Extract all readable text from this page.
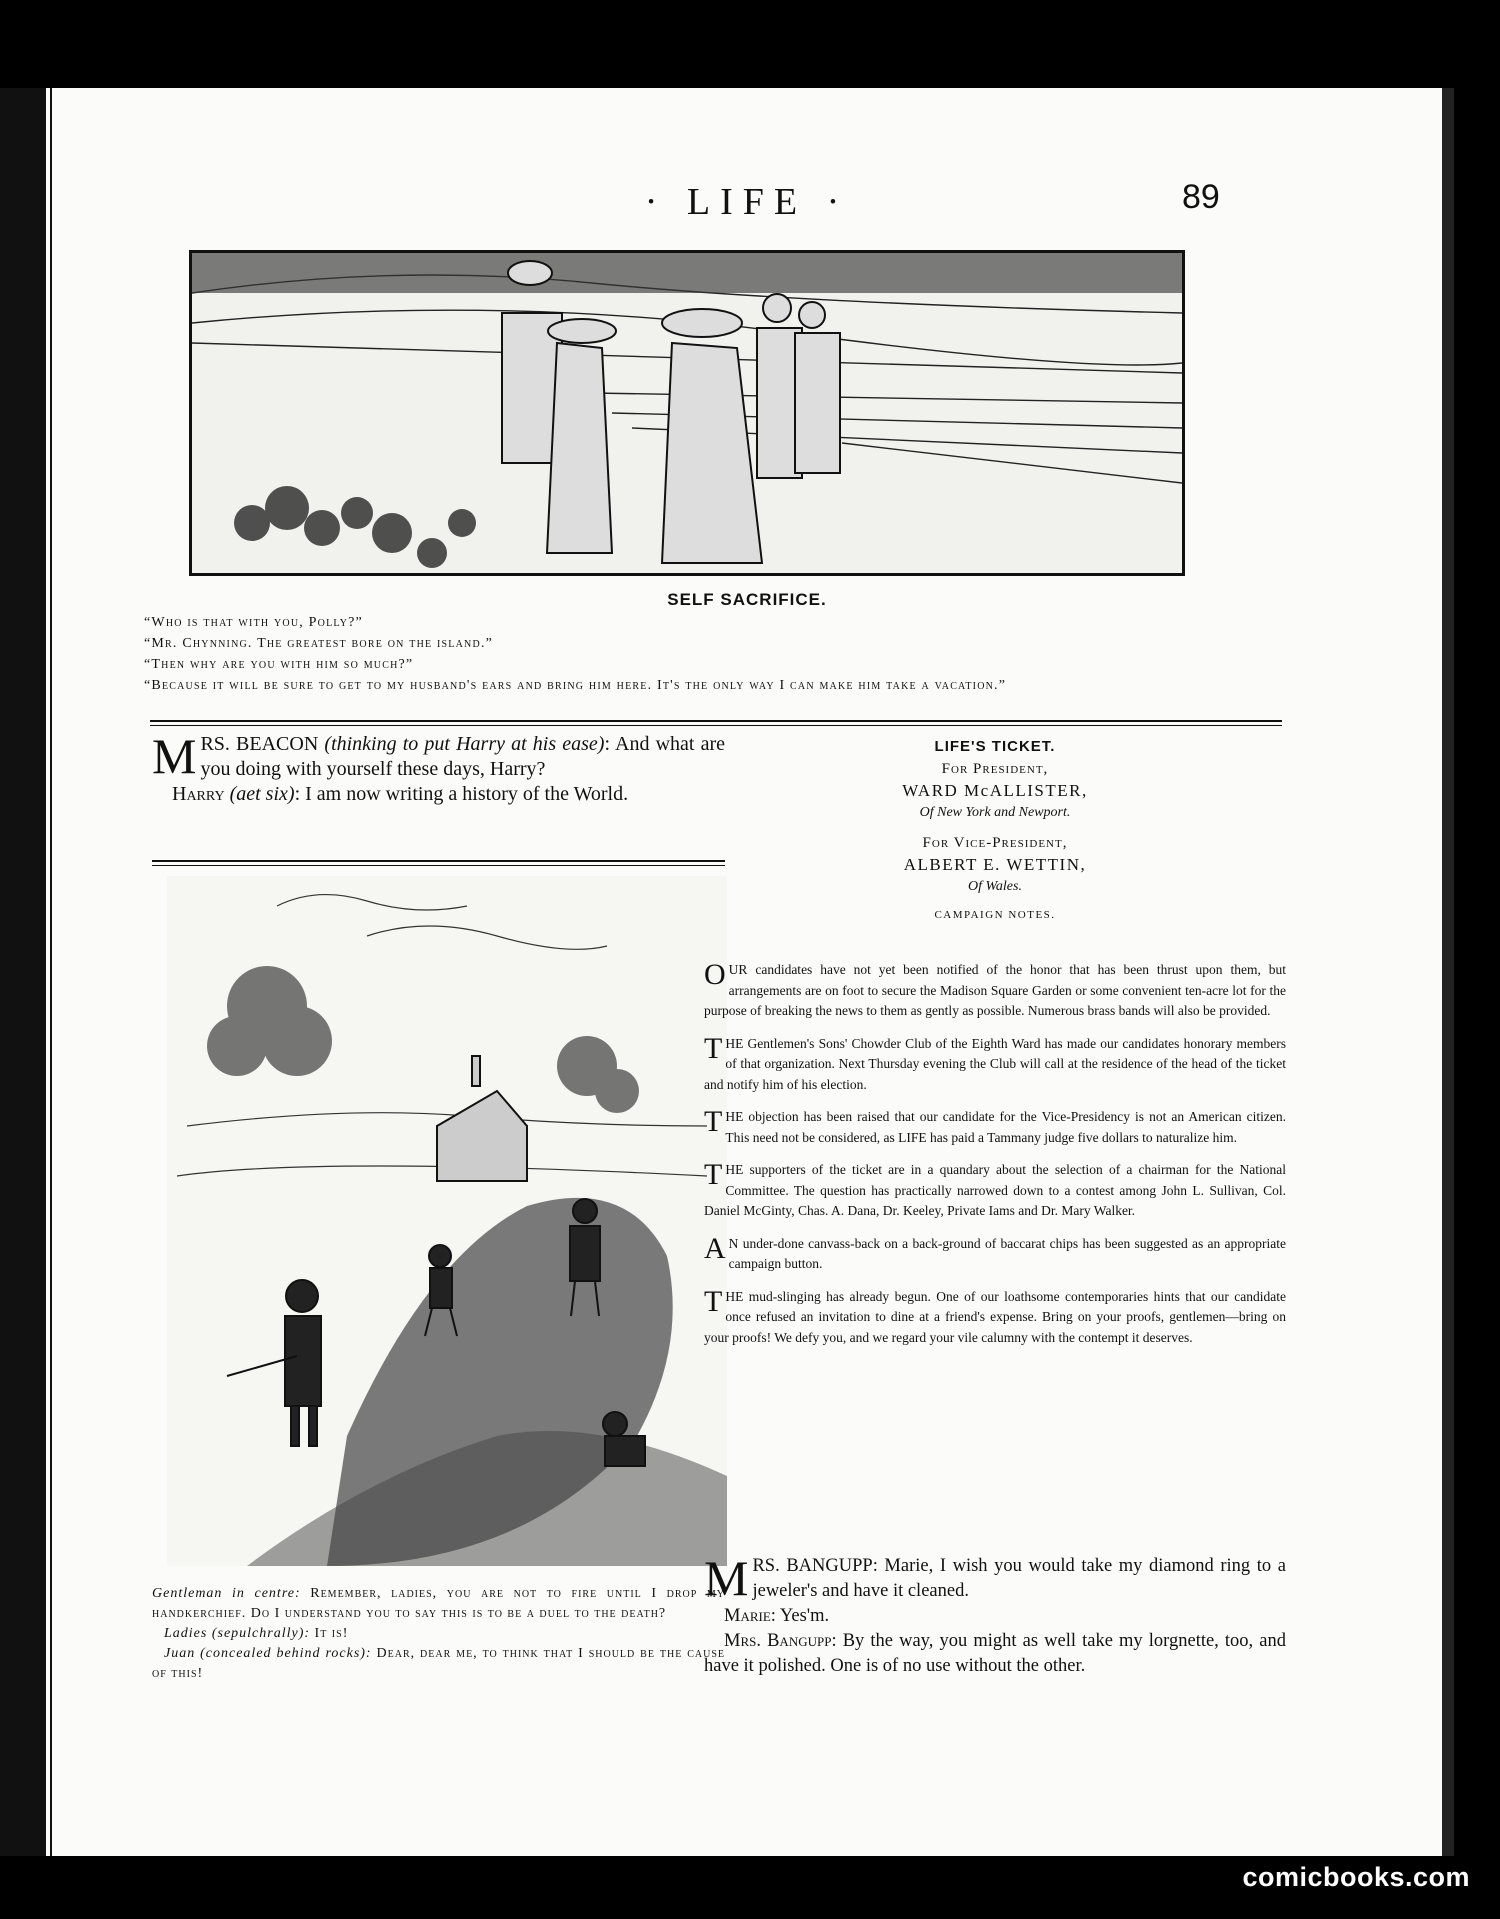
· LIFE ·	89
SELF SACRIFICE.

“Who is that with you, Polly?”

“Mr. Chynning. The greatest bore on the island.”

“Then why are you with him so much?”

“Because it will be sure to get to my husband's ears and bring him here. It's the only way I can make him take a vacation.”

M RS. BEACON (thinking to put Harry at his ease): And what are you doing with yourself these days, Harry?

Harry (aet six): I am now writing a history of the World.

Gentleman in centre: Remember, ladies, you are not to fire until I drop my handkerchief. Do I understand you to say this is to be a duel to the death?

Ladies (sepulchrally): It is!

Juan (concealed behind rocks): Dear, dear me, to think that I should be the cause of this!

LIFE'S TICKET.
For President,
WARD McALLISTER,
Of New York and Newport.
For Vice-President,
ALBERT E. WETTIN,
Of Wales.
CAMPAIGN NOTES.

OUR candidates have not yet been notified of the honor that has been thrust upon them, but arrangements are on foot to secure the Madison Square Garden or some convenient ten-acre lot for the purpose of breaking the news to them as gently as possible. Numerous brass bands will also be provided.

THE Gentlemen's Sons' Chowder Club of the Eighth Ward has made our candidates honorary members of that organization. Next Thursday evening the Club will call at the residence of the head of the ticket and notify him of his election.

THE objection has been raised that our candidate for the Vice-Presidency is not an American citizen. This need not be considered, as LIFE has paid a Tammany judge five dollars to naturalize him.

THE supporters of the ticket are in a quandary about the selection of a chairman for the National Committee. The question has practically narrowed down to a contest among John L. Sullivan, Col. Daniel McGinty, Chas. A. Dana, Dr. Keeley, Private Iams and Dr. Mary Walker.

A N under-done canvass-back on a back-ground of baccarat chips has been suggested as an appropriate campaign button.

THE mud-slinging has already begun. One of our loathsome contemporaries hints that our candidate once refused an invitation to dine at a friend's expense. Bring on your proofs, gentlemen—bring on your proofs! We defy you, and we regard your vile calumny with the contempt it deserves.

M RS. BANGUPP: Marie, I wish you would take my diamond ring to a jeweler's and have it cleaned.

Marie: Yes'm.

Mrs. Bangupp: By the way, you might as well take my lorgnette, too, and have it polished. One is of no use without the other.

comicbooks.com
